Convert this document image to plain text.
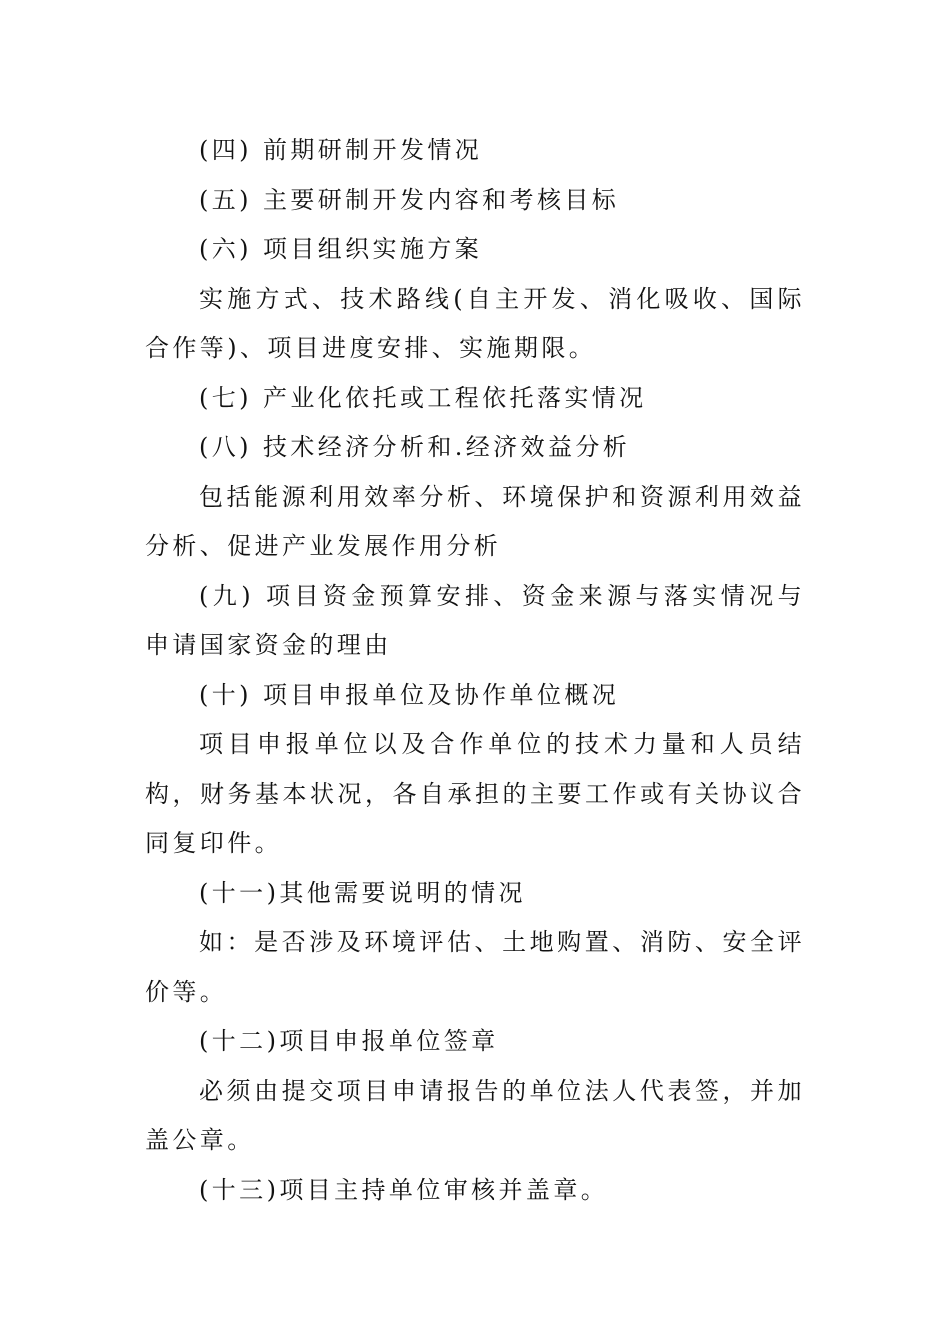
(四) 前期研制开发情况

(五) 主要研制开发内容和考核目标

(六) 项目组织实施方案

实施方式、技术路线(自主开发、消化吸收、国际合作等)、项目进度安排、实施期限。

(七) 产业化依托或工程依托落实情况

(八) 技术经济分析和.经济效益分析

包括能源利用效率分析、环境保护和资源利用效益分析、促进产业发展作用分析

(九) 项目资金预算安排、资金来源与落实情况与申请国家资金的理由

(十) 项目申报单位及协作单位概况

项目申报单位以及合作单位的技术力量和人员结构，财务基本状况，各自承担的主要工作或有关协议合同复印件。

(十一)其他需要说明的情况

如：是否涉及环境评估、土地购置、消防、安全评价等。

(十二)项目申报单位签章

必须由提交项目申请报告的单位法人代表签，并加盖公章。

(十三)项目主持单位审核并盖章。
